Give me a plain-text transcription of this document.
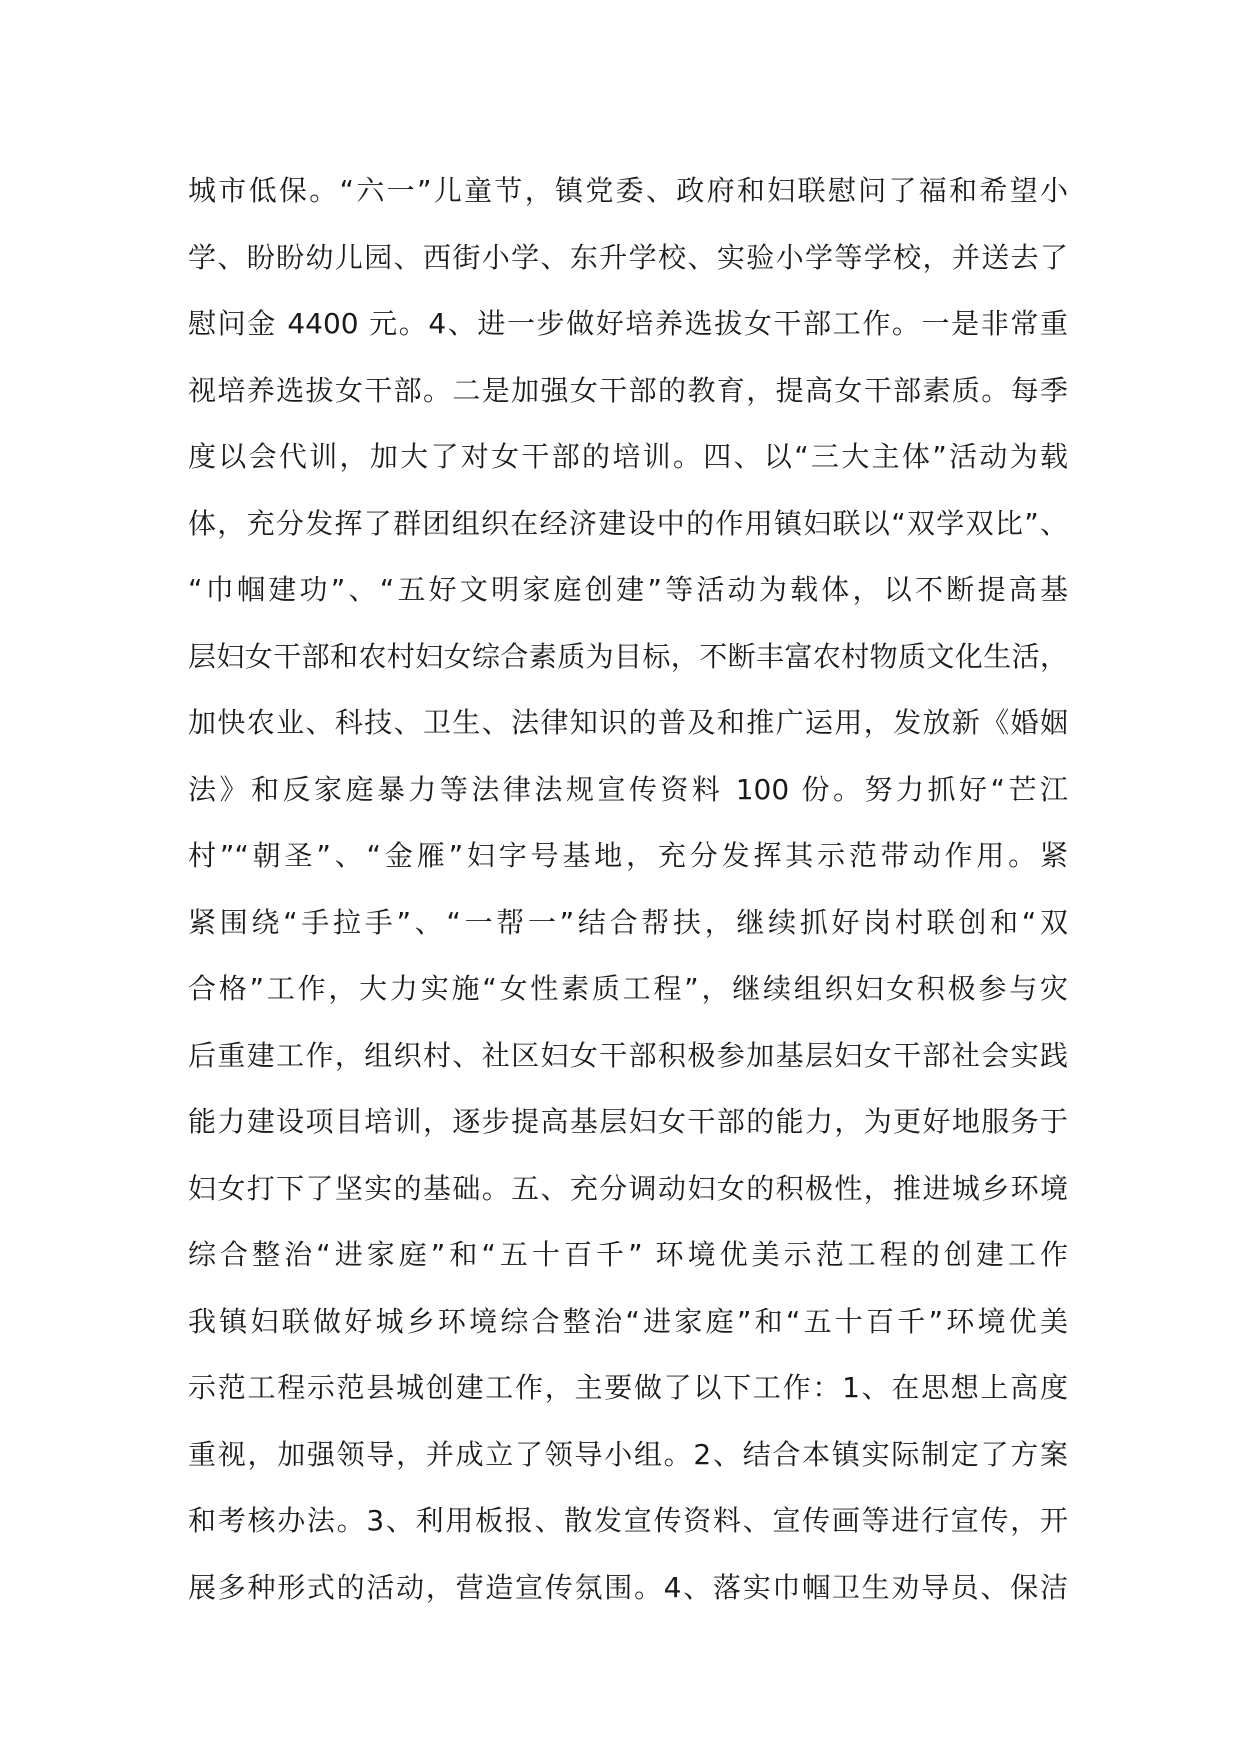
城市低保。“六一”儿童节，镇党委、政府和妇联慰问了福和希望小
学、盼盼幼儿园、西街小学、东升学校、实验小学等学校，并送去了
慰问金 4400 元。4、进一步做好培养选拔女干部工作。一是非常重
视培养选拔女干部。二是加强女干部的教育，提高女干部素质。每季
度以会代训，加大了对女干部的培训。四、以“三大主体”活动为载
体，充分发挥了群团组织在经济建设中的作用镇妇联以“双学双比”、
“巾帼建功”、“五好文明家庭创建”等活动为载体，以不断提高基
层妇女干部和农村妇女综合素质为目标，不断丰富农村物质文化生活，
加快农业、科技、卫生、法律知识的普及和推广运用，发放新《婚姻
法》和反家庭暴力等法律法规宣传资料 100 份。努力抓好“芒江
村”“朝圣”、“金雁”妇字号基地，充分发挥其示范带动作用。紧
紧围绕“手拉手”、“一帮一”结合帮扶，继续抓好岗村联创和“双
合格”工作，大力实施“女性素质工程”，继续组织妇女积极参与灾
后重建工作，组织村、社区妇女干部积极参加基层妇女干部社会实践
能力建设项目培训，逐步提高基层妇女干部的能力，为更好地服务于
妇女打下了坚实的基础。五、充分调动妇女的积极性，推进城乡环境
综合整治“进家庭”和“五十百千” 环境优美示范工程的创建工作
我镇妇联做好城乡环境综合整治“进家庭”和“五十百千”环境优美
示范工程示范县城创建工作，主要做了以下工作：1、在思想上高度
重视，加强领导，并成立了领导小组。2、结合本镇实际制定了方案
和考核办法。3、利用板报、散发宣传资料、宣传画等进行宣传，开
展多种形式的活动，营造宣传氛围。4、落实巾帼卫生劝导员、保洁
